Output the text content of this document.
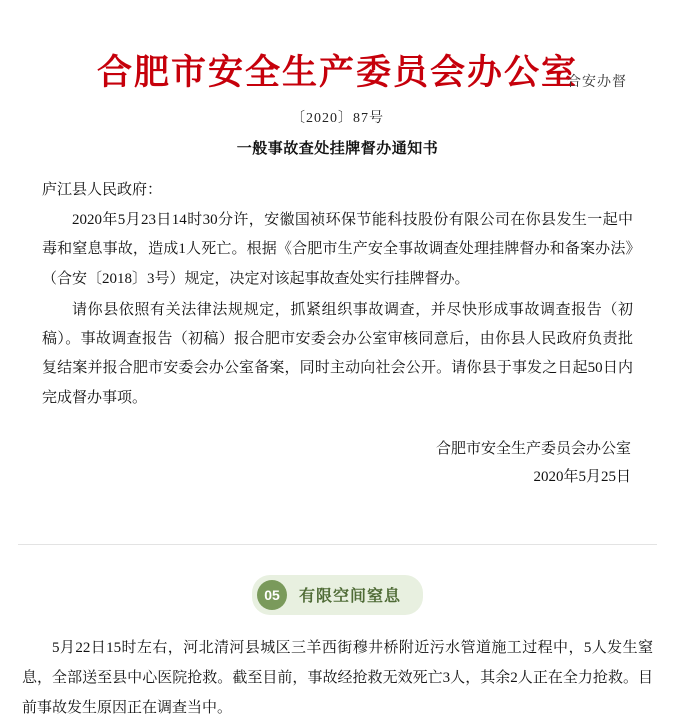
合肥市安全生产委员会办公室
合安办督
〔2020〕87号
一般事故查处挂牌督办通知书
庐江县人民政府：
2020年5月23日14时30分许，安徽国祯环保节能科技股份有限公司在你县发生一起中毒和窒息事故，造成1人死亡。根据《合肥市生产安全事故调查处理挂牌督办和备案办法》（合安〔2018〕3号）规定，决定对该起事故查处实行挂牌督办。
请你县依照有关法律法规规定，抓紧组织事故调查，并尽快形成事故调查报告（初稿）。事故调查报告（初稿）报合肥市安委会办公室审核同意后，由你县人民政府负责批复结案并报合肥市安委会办公室备案，同时主动向社会公开。请你县于事发之日起50日内完成督办事项。
合肥市安全生产委员会办公室
2020年5月25日
05	有限空间窒息
5月22日15时左右，河北清河县城区三羊西街穆井桥附近污水管道施工过程中，5人发生窒息，全部送至县中心医院抢救。截至目前，事故经抢救无效死亡3人，其余2人正在全力抢救。目前事故发生原因正在调查当中。
